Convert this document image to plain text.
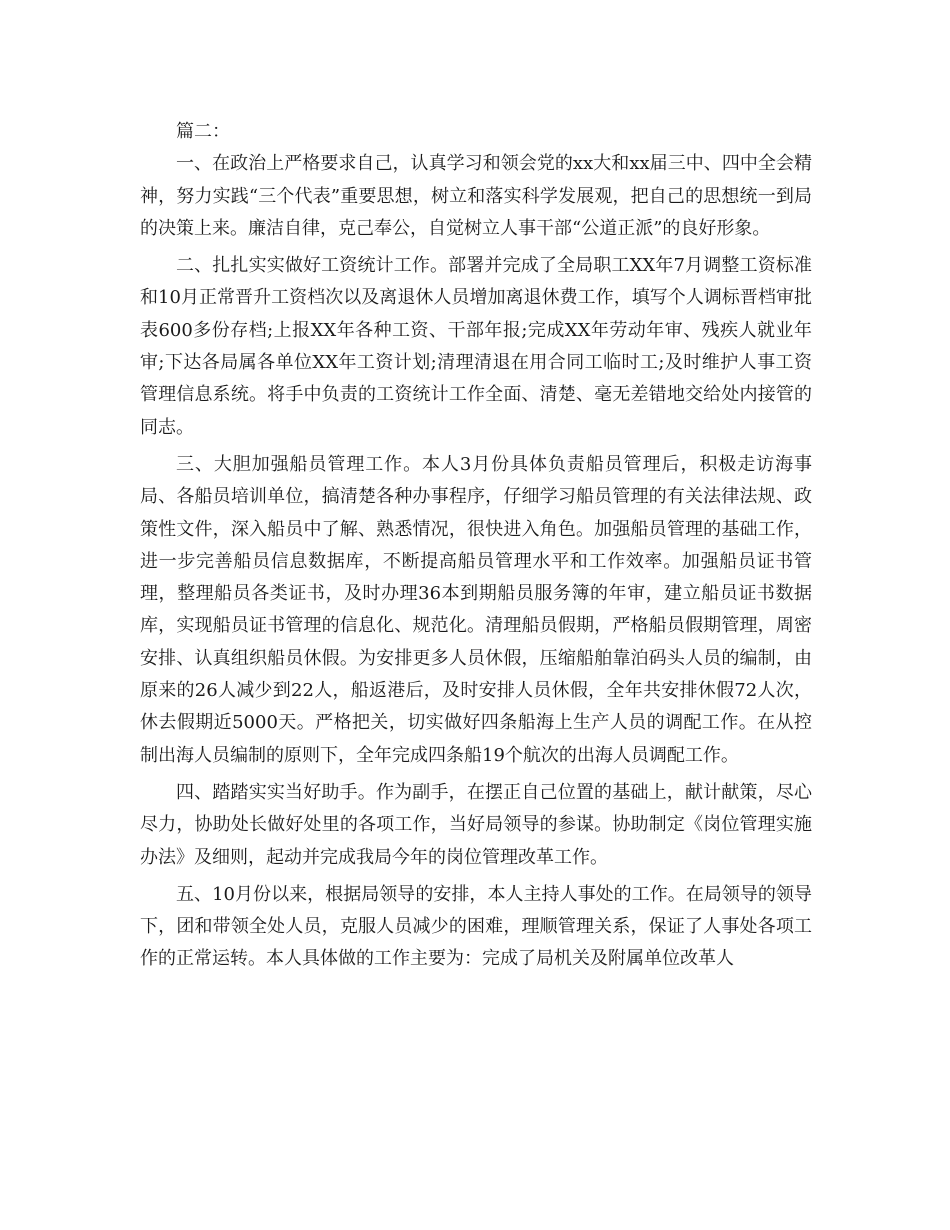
篇二：

一、在政治上严格要求自己，认真学习和领会党的xx大和xx届三中、四中全会精神，努力实践“三个代表”重要思想，树立和落实科学发展观，把自己的思想统一到局的决策上来。廉洁自律，克己奉公，自觉树立人事干部“公道正派”的良好形象。

二、扎扎实实做好工资统计工作。部署并完成了全局职工XX年7月调整工资标准和10月正常晋升工资档次以及离退休人员增加离退休费工作，填写个人调标晋档审批表600多份存档;上报XX年各种工资、干部年报;完成XX年劳动年审、残疾人就业年审;下达各局属各单位XX年工资计划;清理清退在用合同工临时工;及时维护人事工资管理信息系统。将手中负责的工资统计工作全面、清楚、毫无差错地交给处内接管的同志。

三、大胆加强船员管理工作。本人3月份具体负责船员管理后，积极走访海事局、各船员培训单位，搞清楚各种办事程序，仔细学习船员管理的有关法律法规、政策性文件，深入船员中了解、熟悉情况，很快进入角色。加强船员管理的基础工作，进一步完善船员信息数据库，不断提高船员管理水平和工作效率。加强船员证书管理，整理船员各类证书，及时办理36本到期船员服务簿的年审，建立船员证书数据库，实现船员证书管理的信息化、规范化。清理船员假期，严格船员假期管理，周密安排、认真组织船员休假。为安排更多人员休假，压缩船舶靠泊码头人员的编制，由原来的26人减少到22人，船返港后，及时安排人员休假，全年共安排休假72人次，休去假期近5000天。严格把关，切实做好四条船海上生产人员的调配工作。在从控制出海人员编制的原则下，全年完成四条船19个航次的出海人员调配工作。

四、踏踏实实当好助手。作为副手，在摆正自己位置的基础上，献计献策，尽心尽力，协助处长做好处里的各项工作，当好局领导的参谋。协助制定《岗位管理实施办法》及细则，起动并完成我局今年的岗位管理改革工作。

五、10月份以来，根据局领导的安排，本人主持人事处的工作。在局领导的领导下，团和带领全处人员，克服人员减少的困难，理顺管理关系，保证了人事处各项工作的正常运转。本人具体做的工作主要为：完成了局机关及附属单位改革人
